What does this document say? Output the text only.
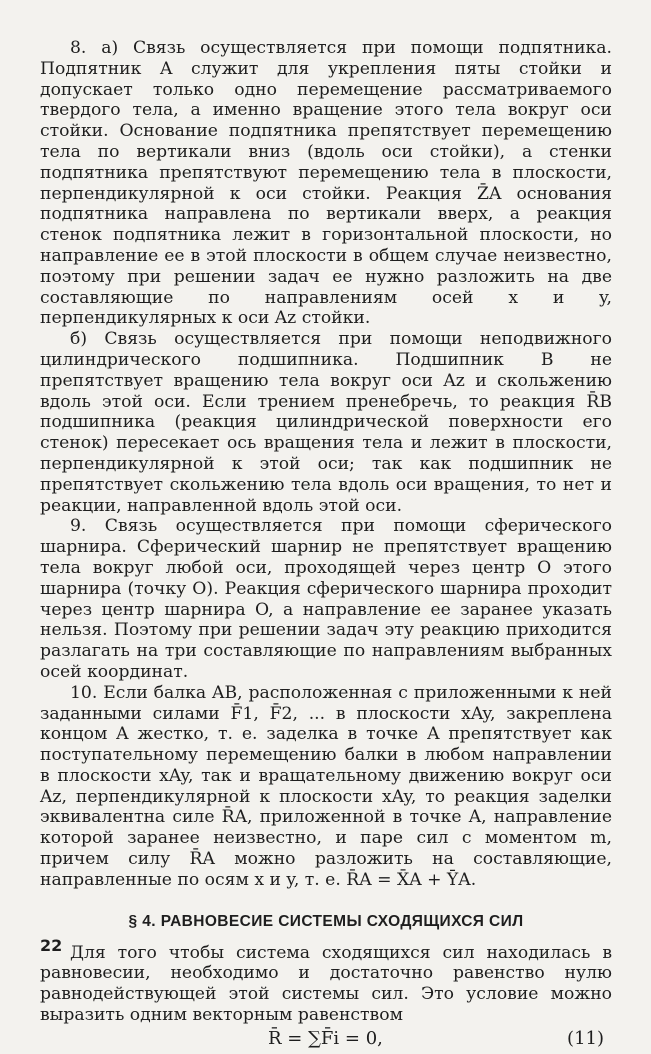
8. а) Связь осуществляется при помощи подпятника. Подпятник A служит для укрепления пяты стойки и допускает только одно перемещение рассматриваемого твердого тела, а именно вращение этого тела вокруг оси стойки. Основание подпятника препятствует перемещению тела по вертикали вниз (вдоль оси стойки), а стенки подпятника препятствуют перемещению тела в плоскости, перпендикулярной к оси стойки. Реакция Z̄A основания подпятника направлена по вертикали вверх, а реакция стенок подпятника лежит в горизонтальной плоскости, но направление ее в этой плоскости в общем случае неизвестно, поэтому при решении задач ее нужно разложить на две составляющие по направлениям осей x и y, перпендикулярных к оси Az стойки.

б) Связь осуществляется при помощи неподвижного цилиндрического подшипника. Подшипник B не препятствует вращению тела вокруг оси Az и скольжению вдоль этой оси. Если трением пренебречь, то реакция R̄B подшипника (реакция цилиндрической поверхности его стенок) пересекает ось вращения тела и лежит в плоскости, перпендикулярной к этой оси; так как подшипник не препятствует скольжению тела вдоль оси вращения, то нет и реакции, направленной вдоль этой оси.

9. Связь осуществляется при помощи сферического шарнира. Сферический шарнир не препятствует вращению тела вокруг любой оси, проходящей через центр O этого шарнира (точку O). Реакция сферического шарнира проходит через центр шарнира O, а направление ее заранее указать нельзя. Поэтому при решении задач эту реакцию приходится разлагать на три составляющие по направлениям выбранных осей координат.

10. Если балка AB, расположенная с приложенными к ней заданными силами F̄1, F̄2, ... в плоскости xAy, закреплена концом A жестко, т. е. заделка в точке A препятствует как поступательному перемещению балки в любом направлении в плоскости xAy, так и вращательному движению вокруг оси Az, перпендикулярной к плоскости xAy, то реакция заделки эквивалентна силе R̄A, приложенной в точке A, направление которой заранее неизвестно, и паре сил с моментом m, причем силу R̄A можно разложить на составляющие, направленные по осям x и y, т. е. R̄A = X̄A + ȲA.

§ 4. РАВНОВЕСИЕ СИСТЕМЫ СХОДЯЩИХСЯ СИЛ

Для того чтобы система сходящихся сил находилась в равновесии, необходимо и достаточно равенство нулю равнодействующей этой системы сил. Это условие можно выразить одним векторным равенством

R̄ = ∑F̄i = 0,	(11)
22
